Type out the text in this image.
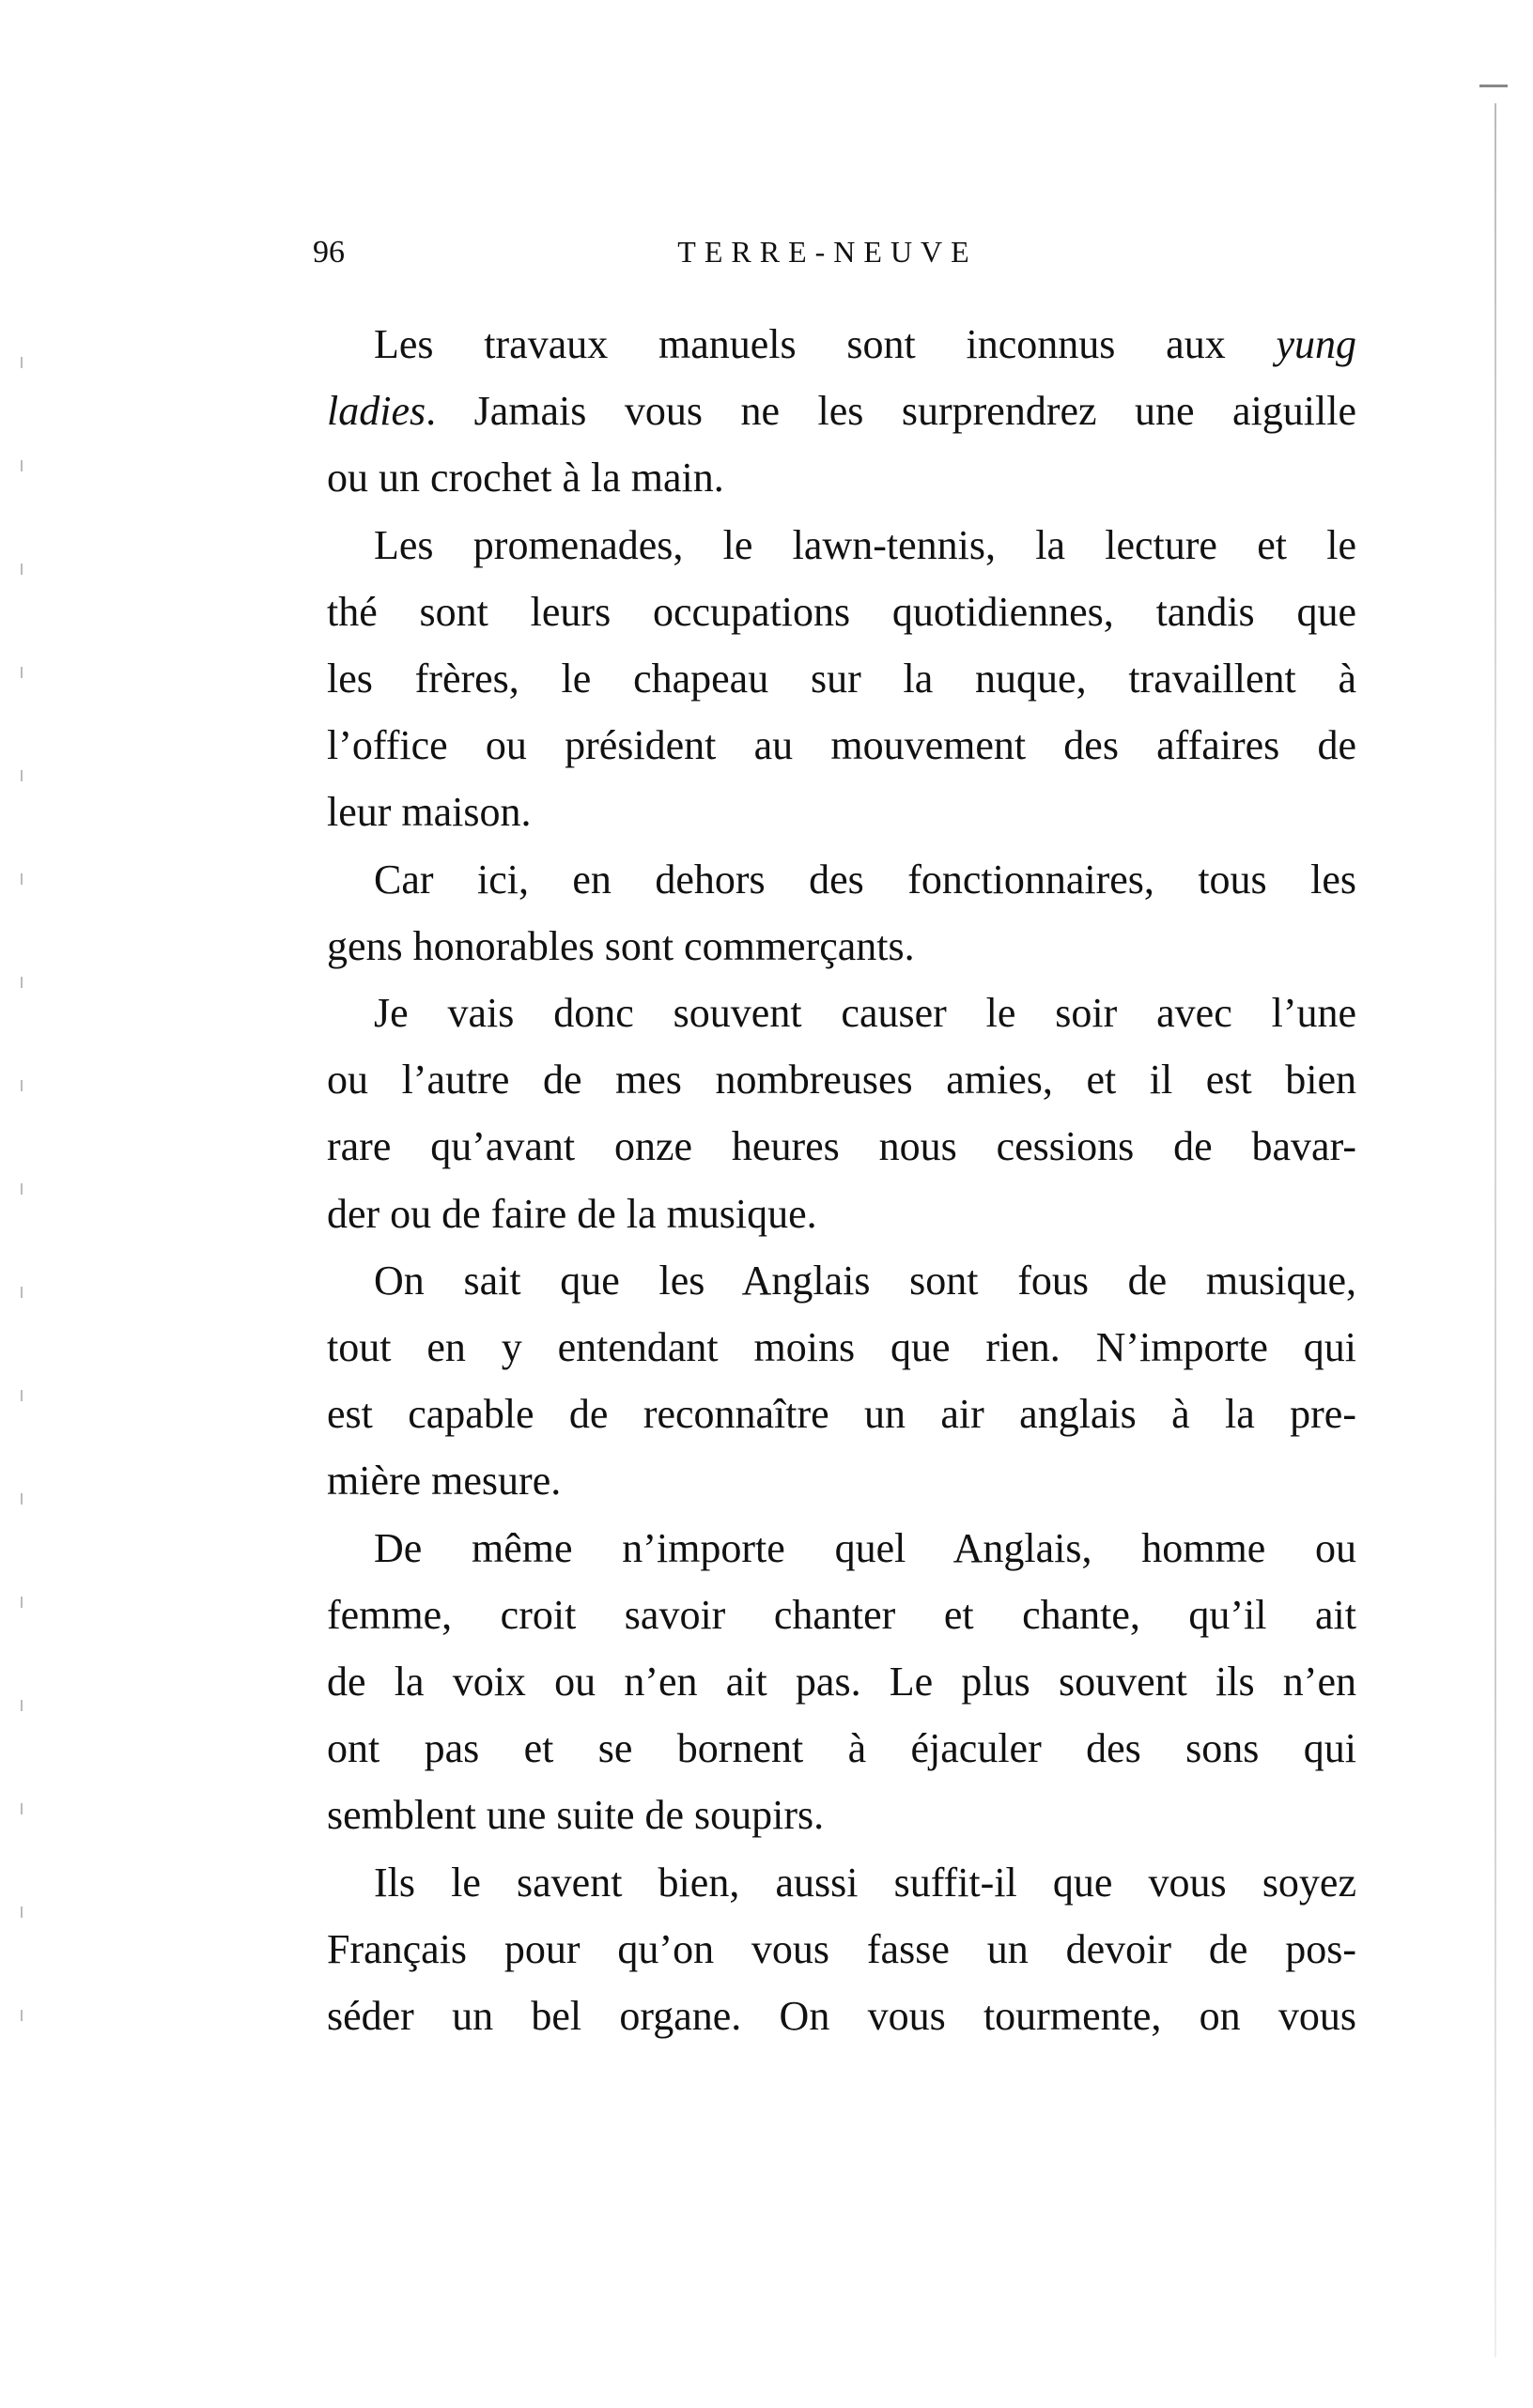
96	TERRE-NEUVE
Les travaux manuels sont inconnus aux yung
ladies. Jamais vous ne les surprendrez une aiguille
ou un crochet à la main.
Les promenades, le lawn-tennis, la lecture et le
thé sont leurs occupations quotidiennes, tandis que
les frères, le chapeau sur la nuque, travaillent à
l’office ou président au mouvement des affaires de
leur maison.
Car ici, en dehors des fonctionnaires, tous les
gens honorables sont commerçants.
Je vais donc souvent causer le soir avec l’une
ou l’autre de mes nombreuses amies, et il est bien
rare qu’avant onze heures nous cessions de bavar-
der ou de faire de la musique.
On sait que les Anglais sont fous de musique,
tout en y entendant moins que rien. N’importe qui
est capable de reconnaître un air anglais à la pre-
mière mesure.
De même n’importe quel Anglais, homme ou
femme, croit savoir chanter et chante, qu’il ait
de la voix ou n’en ait pas. Le plus souvent ils n’en
ont pas et se bornent à éjaculer des sons qui
semblent une suite de soupirs.
Ils le savent bien, aussi suffit-il que vous soyez
Français pour qu’on vous fasse un devoir de pos-
séder un bel organe. On vous tourmente, on vous
